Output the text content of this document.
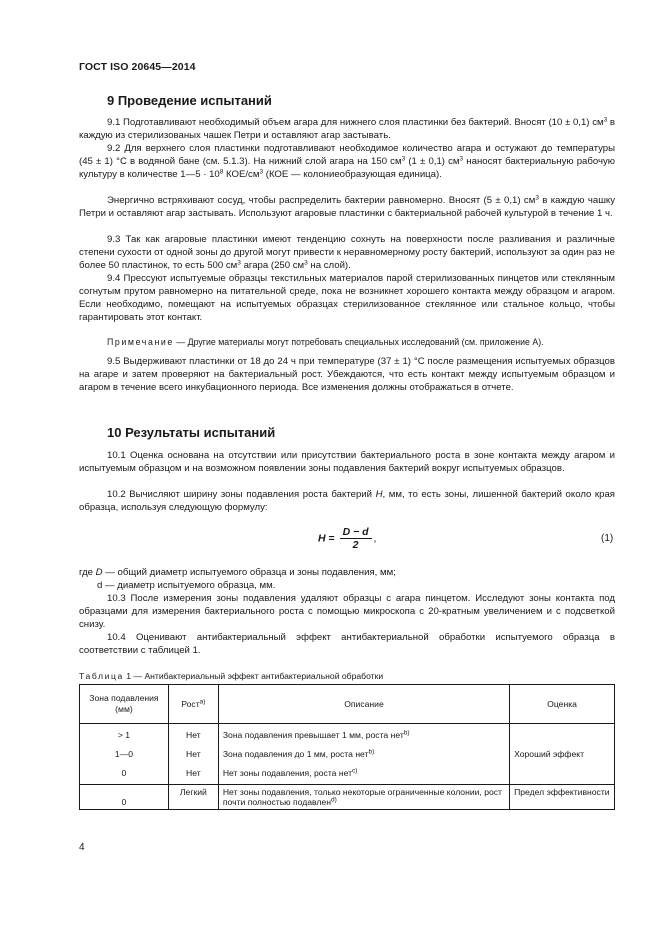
ГОСТ ISO 20645—2014
9 Проведение испытаний
9.1 Подготавливают необходимый объем агара для нижнего слоя пластинки без бактерий. Вносят (10 ± 0,1) $см^3$ в каждую из стерилизованых чашек Петри и оставляют агар застывать.
9.2 Для верхнего слоя пластинки подготавливают необходимое количество агара и остужают до температуры (45 ± 1) °С в водяной бане (см. 5.1.3). На нижний слой агара на 150 $см^3$ (1 ± 0,1) $см^3$ наносят бактериальную рабочую культуру в количестве 1—5 · $10^8$ КОЕ/$см^3$ (КОЕ — колониеобразующая единица).
Энергично встряхивают сосуд, чтобы распределить бактерии равномерно. Вносят (5 ± 0,1) $см^3$ в каждую чашку Петри и оставляют агар застывать. Используют агаровые пластинки с бактериальной рабочей культурой в течение 1 ч.
9.3 Так как агаровые пластинки имеют тенденцию сохнуть на поверхности после разливания и различные степени сухости от одной зоны до другой могут привести к неравномерному росту бактерий, используют за один раз не более 50 пластинок, то есть 500 $см^3$ агара (250 $см^3$ на слой).
9.4 Прессуют испытуемые образцы текстильных материалов парой стерилизованных пинцетов или стеклянным согнутым прутом равномерно на питательной среде, пока не возникнет хорошего контакта между образцом и агаром. Если необходимо, помещают на испытуемых образцах стерилизованное стеклянное или стальное кольцо, чтобы гарантировать этот контакт.
Примечание — Другие материалы могут потребовать специальных исследований (см. приложение А).
9.5 Выдерживают пластинки от 18 до 24 ч при температуре (37 ± 1) °С после размещения испытуемых образцов на агаре и затем проверяют на бактериальный рост. Убеждаются, что есть контакт между испытуемым образцом и агаром в течение всего инкубационного периода. Все изменения должны отображаться в отчете.
10 Результаты испытаний
10.1 Оценка основана на отсутствии или присутствии бактериального роста в зоне контакта между агаром и испытуемым образцом и на возможном появлении зоны подавления бактерий вокруг испытуемых образцов.
10.2 Вычисляют ширину зоны подавления роста бактерий H, мм, то есть зоны, лишенной бактерий около края образца, используя следующую формулу:
$H = \frac{D - d}{2}$ ,	(1)
где D — общий диаметр испытуемого образца и зоны подавления, мм;
d — диаметр испытуемого образца, мм.
10.3 После измерения зоны подавления удаляют образцы с агара пинцетом. Исследуют зоны контакта под образцами для измерения бактериального роста с помощью микроскопа с 20-кратным увеличением и с подсветкой снизу.
10.4 Оценивают антибактериальный эффект антибактериальной обработки испытуемого образца в соответствии с таблицей 1.
Таблица 1 — Антибактериальный эффект антибактериальной обработки
Зона подавления (мм)	Рост$^{а)}$	Описание	Оценка
> 1	Нет	Зона подавления превышает 1 мм, роста нет$^{b)}$	Хороший эффект
1—0	Нет	Зона подавления до 1 мм, роста нет$^{b)}$
0	Нет	Нет зоны подавления, роста нет$^{c)}$
0	Легкий	Нет зоны подавления, только некоторые ограниченные колонии, рост почти полностью подавлен$^{d)}$	Предел эффективности
4
